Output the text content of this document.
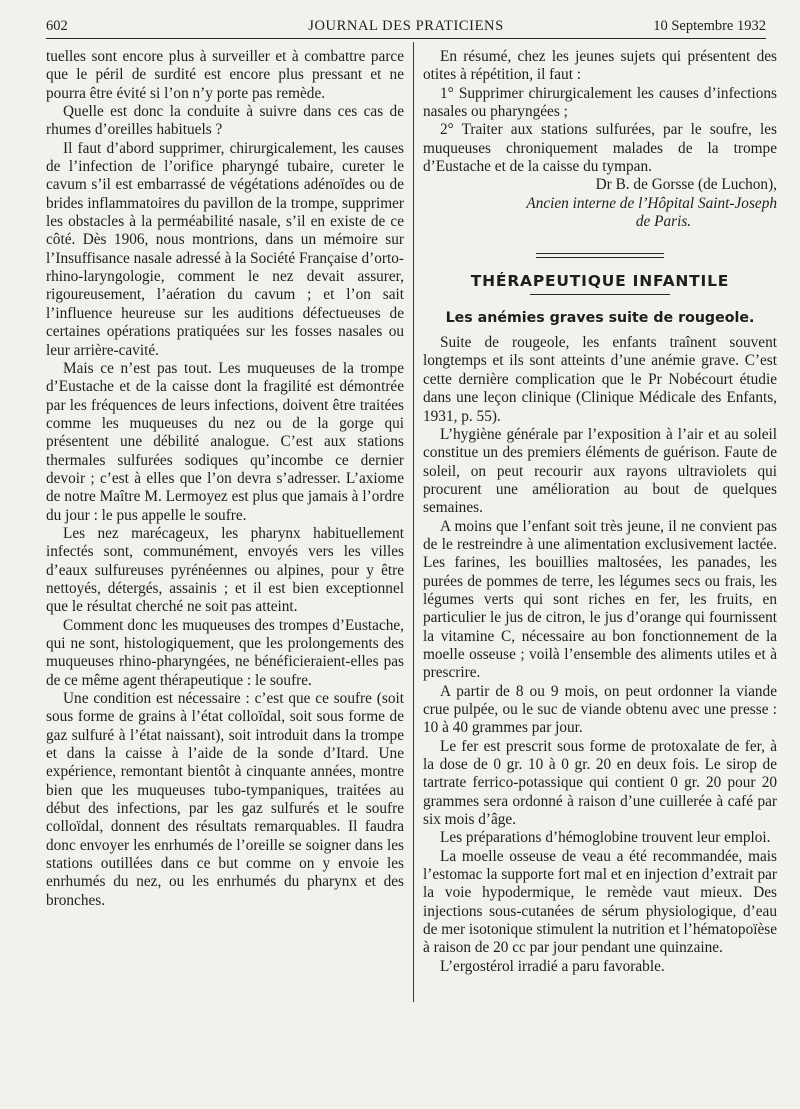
602	JOURNAL DES PRATICIENS	10 Septembre 1932

tuelles sont encore plus à surveiller et à combattre parce que le péril de surdité est encore plus pressant et ne pourra être évité si l’on n’y porte pas remède.

Quelle est donc la conduite à suivre dans ces cas de rhumes d’oreilles habituels ?

Il faut d’abord supprimer, chirurgicalement, les causes de l’infection de l’orifice pharyngé tubaire, cureter le cavum s’il est embarrassé de végétations adénoïdes ou de brides inflammatoires du pavillon de la trompe, supprimer les obstacles à la perméabilité nasale, s’il en existe de ce côté. Dès 1906, nous montrions, dans un mémoire sur l’Insuffisance nasale adressé à la Société Française d’orto-rhino-laryngologie, comment le nez devait assurer, rigoureusement, l’aération du cavum ; et l’on sait l’influence heureuse sur les auditions défectueuses de certaines opérations pratiquées sur les fosses nasales ou leur arrière-cavité.

Mais ce n’est pas tout. Les muqueuses de la trompe d’Eustache et de la caisse dont la fragilité est démontrée par les fréquences de leurs infections, doivent être traitées comme les muqueuses du nez ou de la gorge qui présentent une débilité analogue. C’est aux stations thermales sulfurées sodiques qu’incombe ce dernier devoir ; c’est à elles que l’on devra s’adresser. L’axiome de notre Maître M. Lermoyez est plus que jamais à l’ordre du jour : le pus appelle le soufre.

Les nez marécageux, les pharynx habituellement infectés sont, communément, envoyés vers les villes d’eaux sulfureuses pyrénéennes ou alpines, pour y être nettoyés, détergés, assainis ; et il est bien exceptionnel que le résultat cherché ne soit pas atteint.

Comment donc les muqueuses des trompes d’Eustache, qui ne sont, histologiquement, que les prolongements des muqueuses rhino-pharyngées, ne bénéficieraient-elles pas de ce même agent thérapeutique : le soufre.

Une condition est nécessaire : c’est que ce soufre (soit sous forme de grains à l’état colloïdal, soit sous forme de gaz sulfuré à l’état naissant), soit introduit dans la trompe et dans la caisse à l’aide de la sonde d’Itard. Une expérience, remontant bientôt à cinquante années, montre bien que les muqueuses tubo-tympaniques, traitées au début des infections, par les gaz sulfurés et le soufre colloïdal, donnent des résultats remarquables. Il faudra donc envoyer les enrhumés de l’oreille se soigner dans les stations outillées dans ce but comme on y envoie les enrhumés du nez, ou les enrhumés du pharynx et des bronches.

En résumé, chez les jeunes sujets qui présentent des otites à répétition, il faut :

1° Supprimer chirurgicalement les causes d’infections nasales ou pharyngées ;

2° Traiter aux stations sulfurées, par le soufre, les muqueuses chroniquement malades de la trompe d’Eustache et de la caisse du tympan.

Dr B. de Gorsse (de Luchon),

Ancien interne de l’Hôpital Saint-Joseph

de Paris.

THÉRAPEUTIQUE INFANTILE
Les anémies graves suite de rougeole.

Suite de rougeole, les enfants traînent souvent longtemps et ils sont atteints d’une anémie grave. C’est cette dernière complication que le Pr Nobécourt étudie dans une leçon clinique (Clinique Médicale des Enfants, 1931, p. 55).

L’hygiène générale par l’exposition à l’air et au soleil constitue un des premiers éléments de guérison. Faute de soleil, on peut recourir aux rayons ultraviolets qui procurent une amélioration au bout de quelques semaines.

A moins que l’enfant soit très jeune, il ne convient pas de le restreindre à une alimentation exclusivement lactée. Les farines, les bouillies maltosées, les panades, les purées de pommes de terre, les légumes secs ou frais, les légumes verts qui sont riches en fer, les fruits, en particulier le jus de citron, le jus d’orange qui fournissent la vitamine C, nécessaire au bon fonctionnement de la moelle osseuse ; voilà l’ensemble des aliments utiles et à prescrire.

A partir de 8 ou 9 mois, on peut ordonner la viande crue pulpée, ou le suc de viande obtenu avec une presse : 10 à 40 grammes par jour.

Le fer est prescrit sous forme de protoxalate de fer, à la dose de 0 gr. 10 à 0 gr. 20 en deux fois. Le sirop de tartrate ferrico-potassique qui contient 0 gr. 20 pour 20 grammes sera ordonné à raison d’une cuillerée à café par six mois d’âge.

Les préparations d’hémoglobine trouvent leur emploi.

La moelle osseuse de veau a été recommandée, mais l’estomac la supporte fort mal et en injection d’extrait par la voie hypodermique, le remède vaut mieux. Des injections sous-cutanées de sérum physiologique, d’eau de mer isotonique stimulent la nutrition et l’hématopoïèse à raison de 20 cc par jour pendant une quinzaine.

L’ergostérol irradié a paru favorable.
